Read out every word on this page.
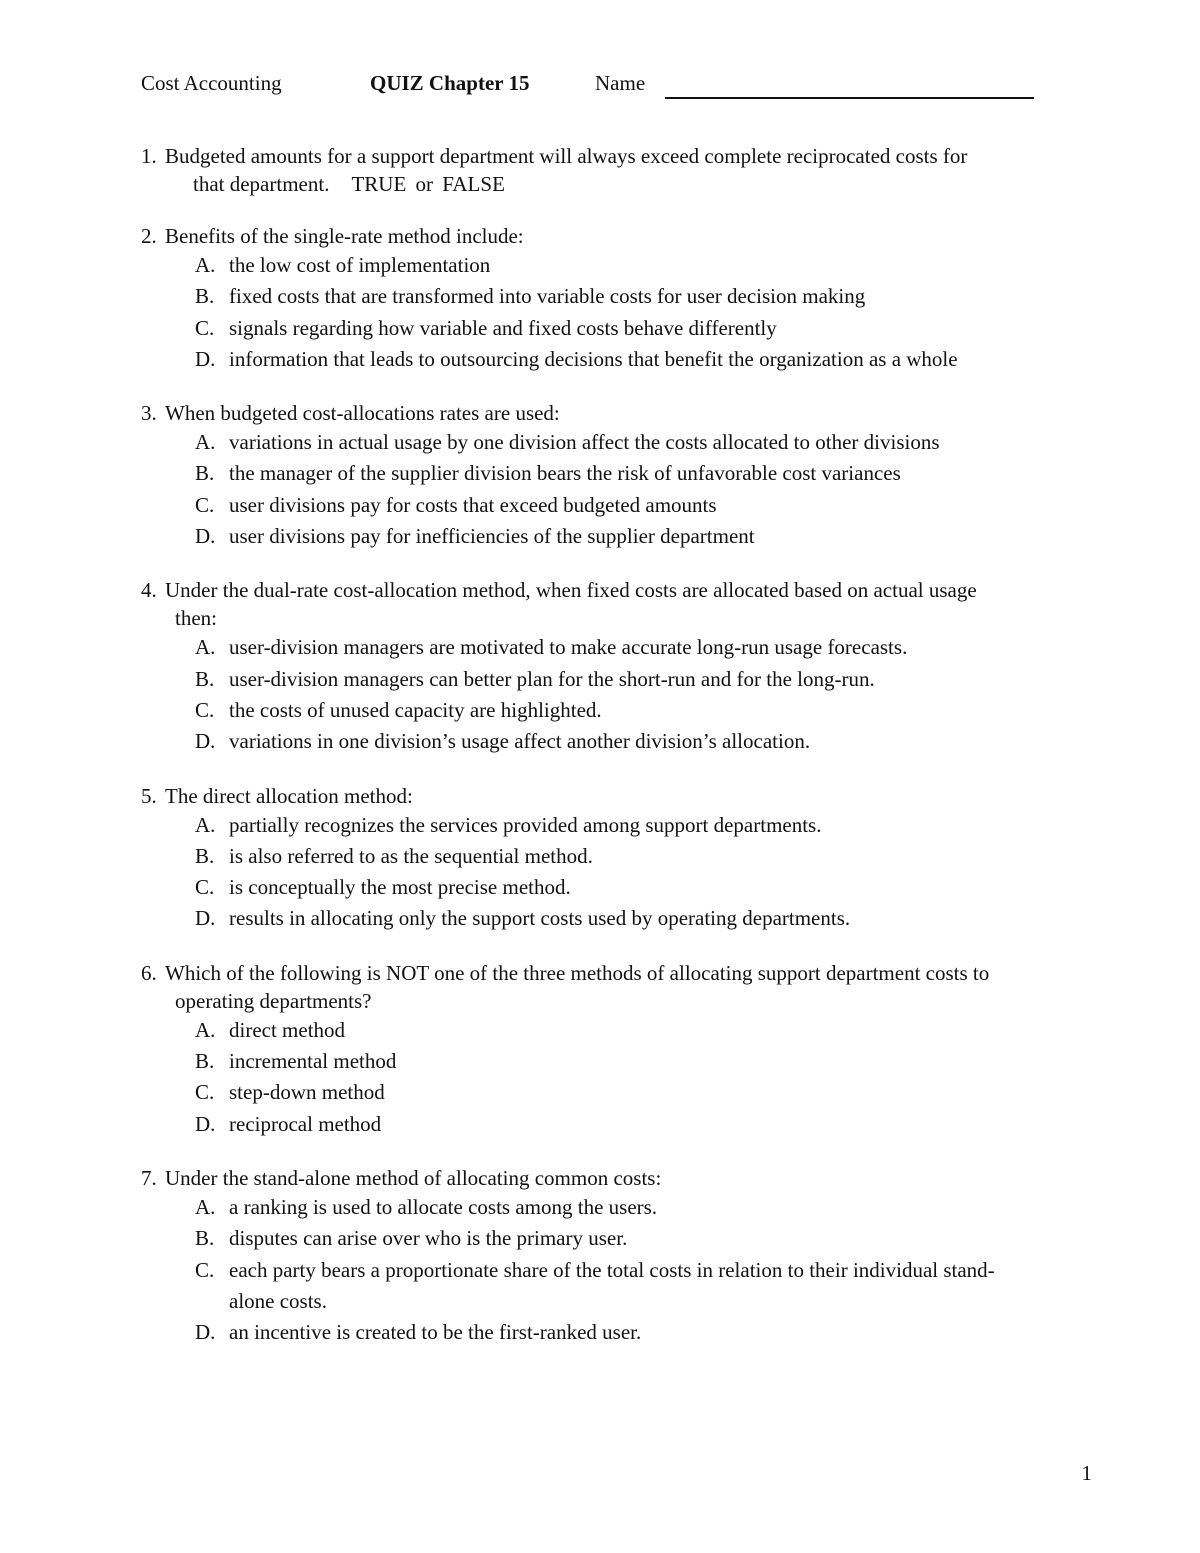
Cost Accounting	QUIZ Chapter 15	Name
1. Budgeted amounts for a support department will always exceed complete reciprocated costs for
that department. TRUE or FALSE
2. Benefits of the single-rate method include:
A. the low cost of implementation
B. fixed costs that are transformed into variable costs for user decision making
C. signals regarding how variable and fixed costs behave differently
D. information that leads to outsourcing decisions that benefit the organization as a whole
3. When budgeted cost-allocations rates are used:
A. variations in actual usage by one division affect the costs allocated to other divisions
B. the manager of the supplier division bears the risk of unfavorable cost variances
C. user divisions pay for costs that exceed budgeted amounts
D. user divisions pay for inefficiencies of the supplier department
4. Under the dual-rate cost-allocation method, when fixed costs are allocated based on actual usage
then:
A. user-division managers are motivated to make accurate long-run usage forecasts.
B. user-division managers can better plan for the short-run and for the long-run.
C. the costs of unused capacity are highlighted.
D. variations in one division’s usage affect another division’s allocation.
5. The direct allocation method:
A. partially recognizes the services provided among support departments.
B. is also referred to as the sequential method.
C. is conceptually the most precise method.
D. results in allocating only the support costs used by operating departments.
6. Which of the following is NOT one of the three methods of allocating support department costs to
operating departments?
A. direct method
B. incremental method
C. step-down method
D. reciprocal method
7. Under the stand-alone method of allocating common costs:
A. a ranking is used to allocate costs among the users.
B. disputes can arise over who is the primary user.
C. each party bears a proportionate share of the total costs in relation to their individual stand-
alone costs.
D. an incentive is created to be the first-ranked user.
1
